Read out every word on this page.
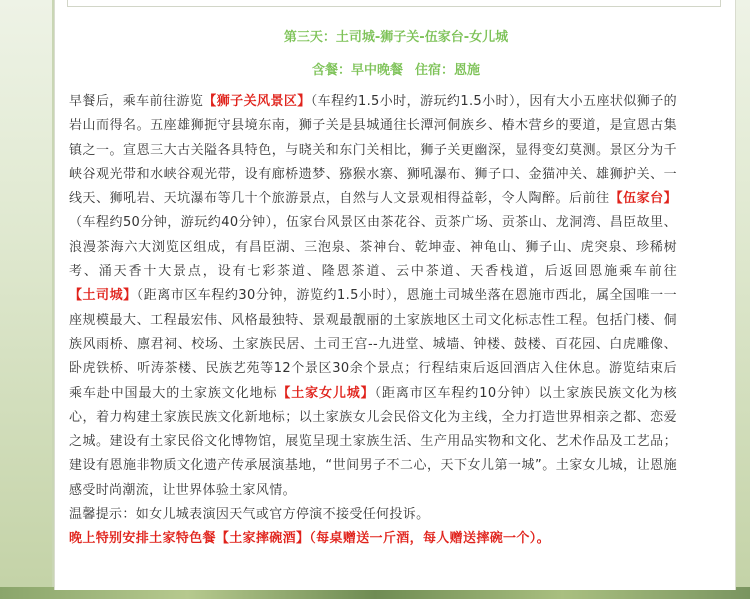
第三天：土司城-狮子关-伍家台-女儿城
含餐：早中晚餐 住宿：恩施

早餐后，乘车前往游览【狮子关风景区】（车程约1.5小时，游玩约1.5小时），因有大小五座状似狮子的岩山而得名。五座雄狮扼守县境东南，狮子关是县城通往长潭河侗族乡、椿木营乡的要道，是宣恩古集镇之一。宣恩三大古关隘各具特色，与晓关和东门关相比，狮子关更幽深，显得变幻莫测。景区分为千峡谷观光带和水峡谷观光带，设有廊桥遗梦、猕猴水寨、狮吼瀑布、狮子口、金猫冲关、雄狮护关、一线天、狮吼岩、天坑瀑布等几十个旅游景点，自然与人文景观相得益彰，令人陶醉。后前往【伍家台】（车程约50分钟，游玩约40分钟），伍家台风景区由茶花谷、贡茶广场、贡茶山、龙洞湾、昌臣故里、浪漫茶海六大浏览区组成，有昌臣湖、三泡泉、茶神台、乾坤壶、神龟山、狮子山、虎突泉、珍稀树考、涌天香十大景点，设有七彩茶道、隆恩茶道、云中茶道、天香栈道，后返回恩施乘车前往【土司城】（距离市区车程约30分钟，游览约1.5小时），恩施土司城坐落在恩施市西北，属全国唯一一座规模最大、工程最宏伟、风格最独特、景观最靓丽的土家族地区土司文化标志性工程。包括门楼、侗族风雨桥、廪君祠、校场、土家族民居、土司王宫--九进堂、城墙、钟楼、鼓楼、百花园、白虎雕像、卧虎铁桥、听涛茶楼、民族艺苑等12个景区30余个景点；行程结束后返回酒店入住休息。游览结束后乘车赴中国最大的土家族文化地标【土家女儿城】（距离市区车程约10分钟）以土家族民族文化为核心，着力构建土家族民族文化新地标；以土家族女儿会民俗文化为主线，全力打造世界相亲之都、恋爱之城。建设有土家民俗文化博物馆，展览呈现土家族生活、生产用品实物和文化、艺术作品及工艺品；建设有恩施非物质文化遗产传承展演基地，“世间男子不二心，天下女儿第一城”。土家女儿城，让恩施感受时尚潮流，让世界体验土家风情。

温馨提示：如女儿城表演因天气或官方停演不接受任何投诉。

晚上特别安排土家特色餐【土家摔碗酒】（每桌赠送一斤酒，每人赠送摔碗一个）。
